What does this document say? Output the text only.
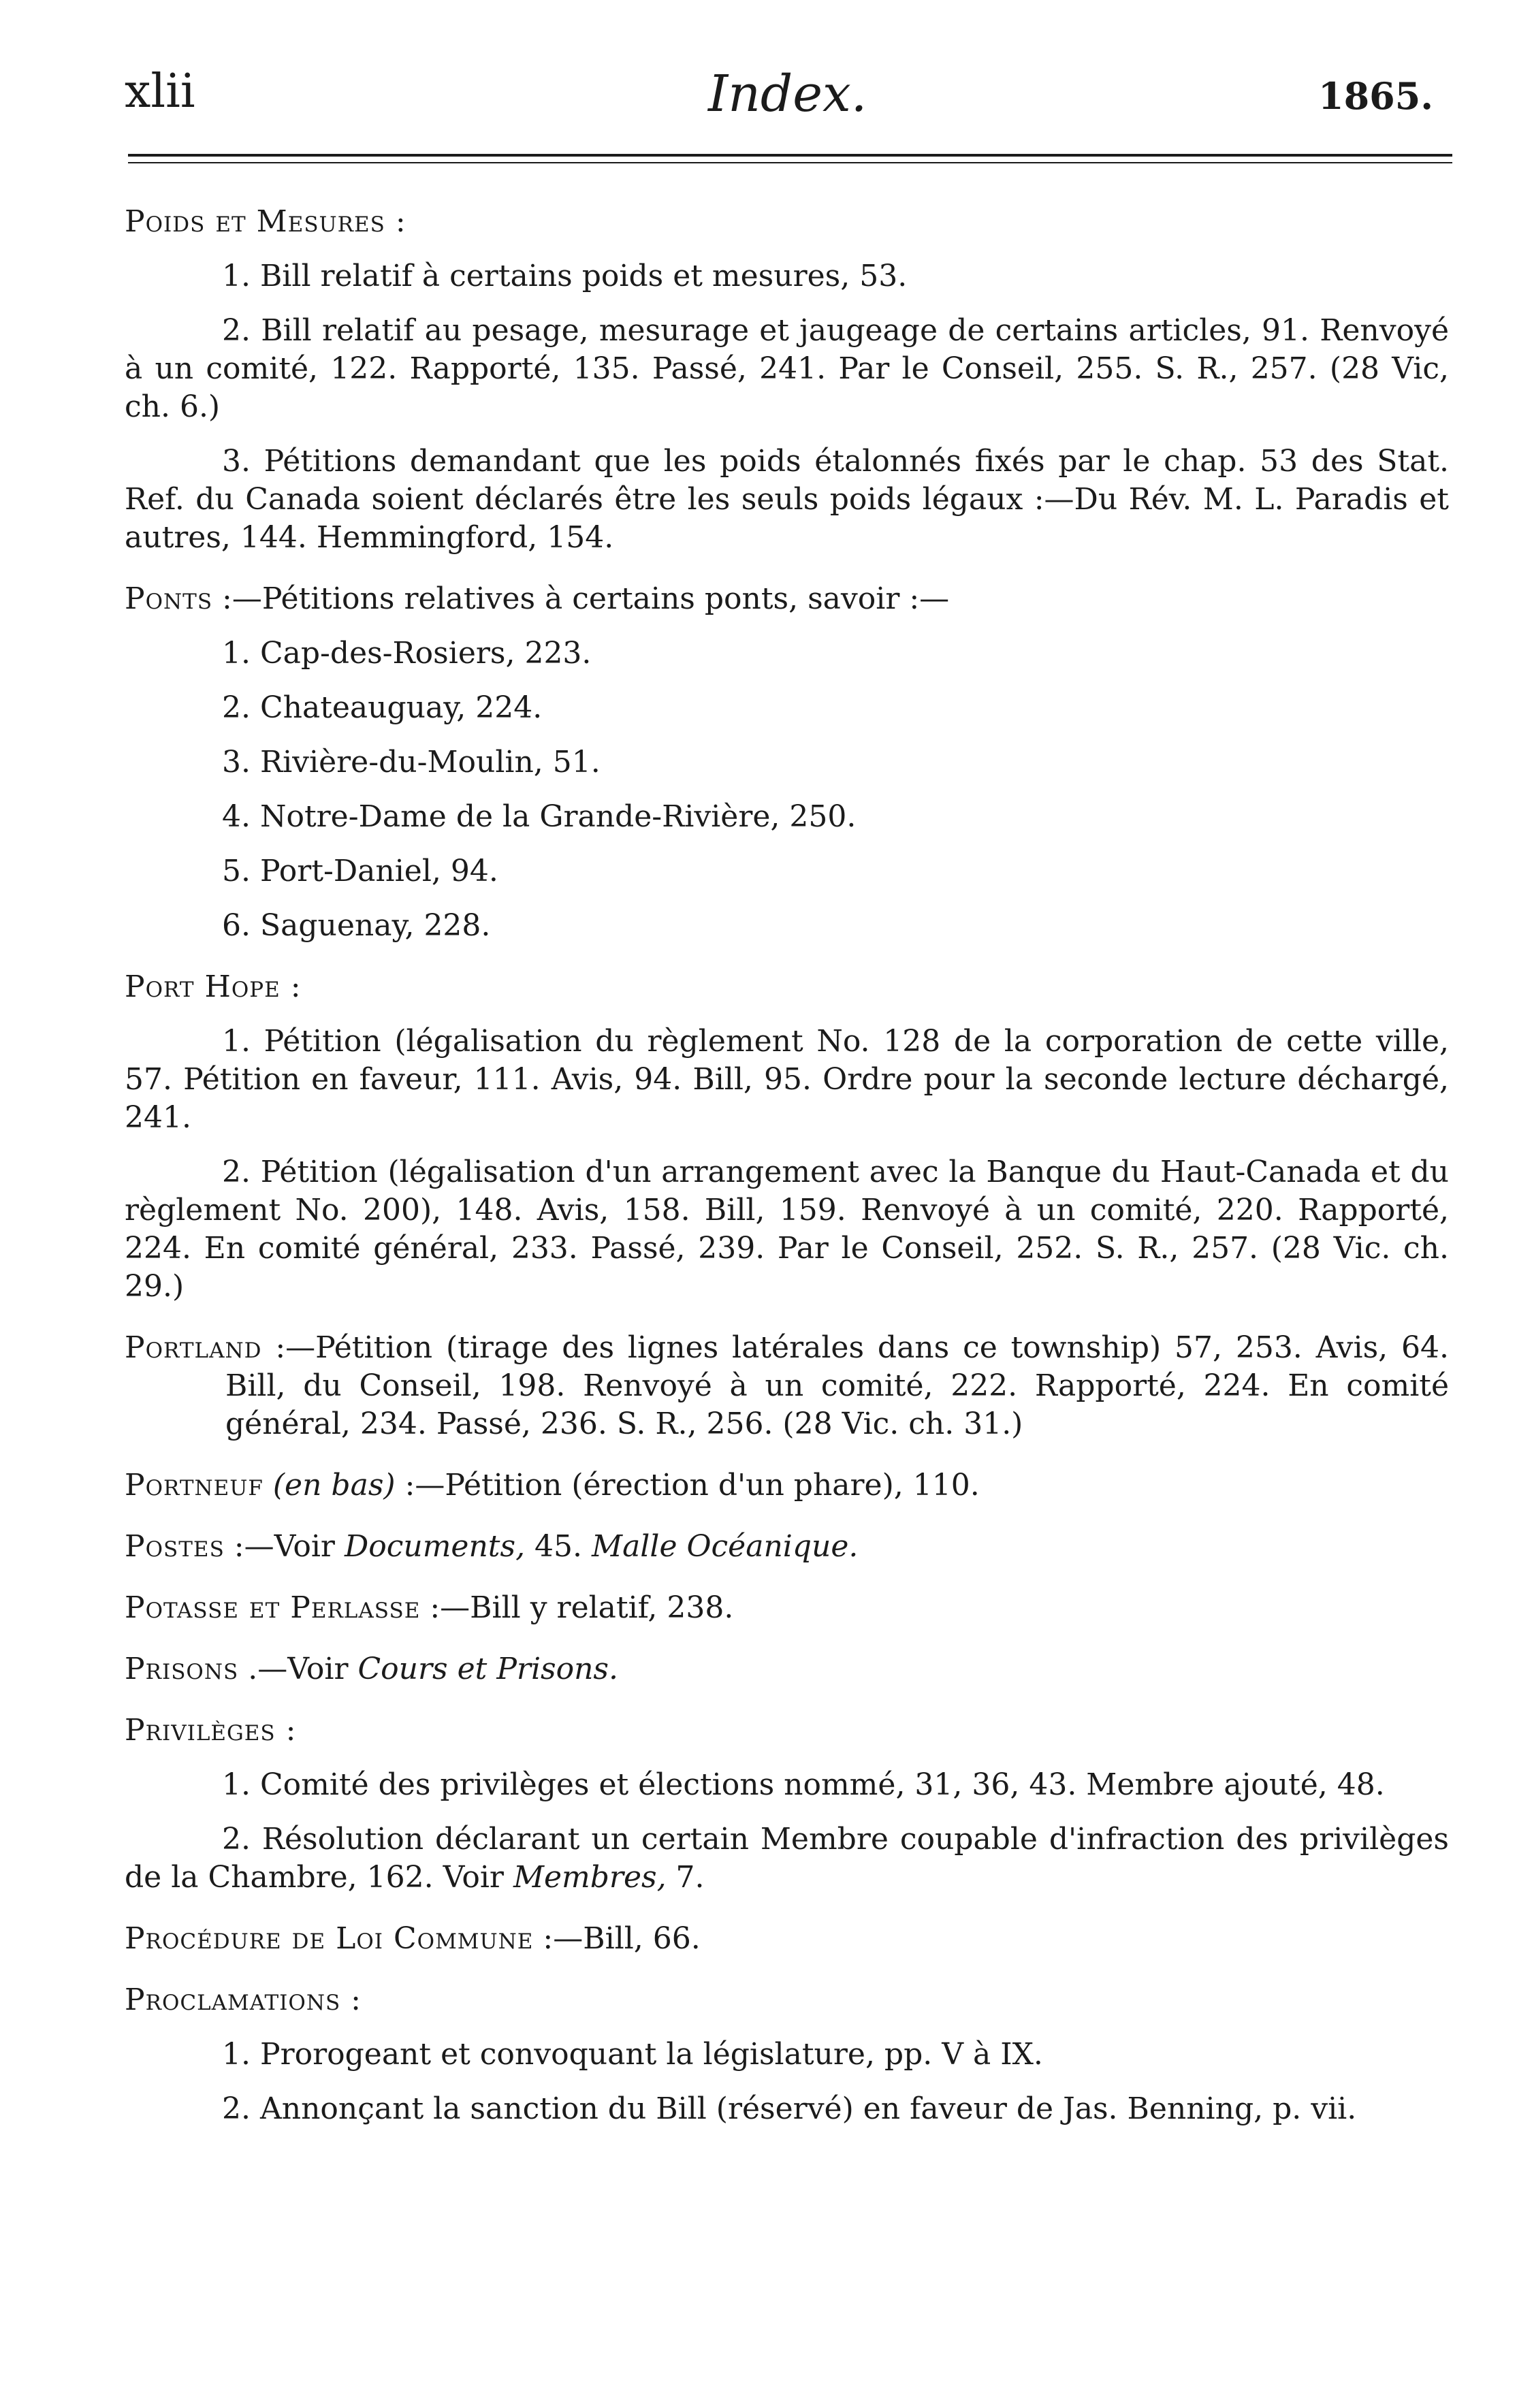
xlii	Index.	1865.

Poids et Mesures :

1. Bill relatif à certains poids et mesures, 53.

2. Bill relatif au pesage, mesurage et jaugeage de certains articles, 91. Renvoyé à un comité, 122. Rapporté, 135. Passé, 241. Par le Conseil, 255. S. R., 257. (28 Vic, ch. 6.)

3. Pétitions demandant que les poids étalonnés fixés par le chap. 53 des Stat. Ref. du Canada soient déclarés être les seuls poids légaux :—Du Rév. M. L. Paradis et autres, 144. Hemmingford, 154.

Ponts :—Pétitions relatives à certains ponts, savoir :—

1. Cap-des-Rosiers, 223.

2. Chateauguay, 224.

3. Rivière-du-Moulin, 51.

4. Notre-Dame de la Grande-Rivière, 250.

5. Port-Daniel, 94.

6. Saguenay, 228.

Port Hope :

1. Pétition (légalisation du règlement No. 128 de la corporation de cette ville, 57. Pétition en faveur, 111. Avis, 94. Bill, 95. Ordre pour la seconde lecture déchargé, 241.

2. Pétition (légalisation d'un arrangement avec la Banque du Haut-Canada et du règlement No. 200), 148. Avis, 158. Bill, 159. Renvoyé à un comité, 220. Rapporté, 224. En comité général, 233. Passé, 239. Par le Conseil, 252. S. R., 257. (28 Vic. ch. 29.)

Portland :—Pétition (tirage des lignes latérales dans ce township) 57, 253. Avis, 64. Bill, du Conseil, 198. Renvoyé à un comité, 222. Rapporté, 224. En comité général, 234. Passé, 236. S. R., 256. (28 Vic. ch. 31.)

Portneuf (en bas) :—Pétition (érection d'un phare), 110.

Postes :—Voir Documents, 45. Malle Océanique.

Potasse et Perlasse :—Bill y relatif, 238.

Prisons .—Voir Cours et Prisons.

Privilèges :

1. Comité des privilèges et élections nommé, 31, 36, 43. Membre ajouté, 48.

2. Résolution déclarant un certain Membre coupable d'infraction des privilèges de la Chambre, 162. Voir Membres, 7.

Procédure de Loi Commune :—Bill, 66.

Proclamations :

1. Prorogeant et convoquant la législature, pp. V à IX.

2. Annonçant la sanction du Bill (réservé) en faveur de Jas. Benning, p. vii.
